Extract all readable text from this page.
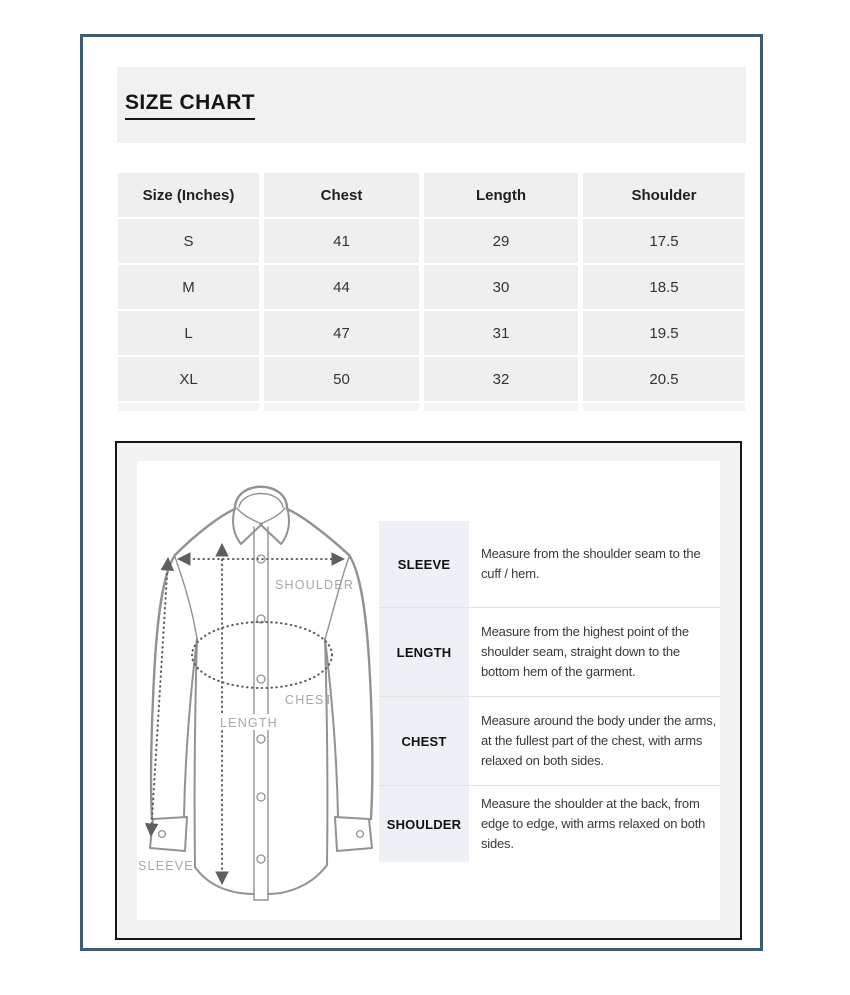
SIZE CHART
Size (Inches)	Chest	Length	Shoulder
S	41	29	17.5
M	44	30	18.5
L	47	31	19.5
XL	50	32	20.5
SHOULDER
CHEST
LENGTH
SLEEVE
SLEEVE
Measure from the shoulder seam to the cuff / hem.
LENGTH
Measure from the highest point of the shoulder seam, straight down to the bottom hem of the garment.
CHEST
Measure around the body under the arms, at the fullest part of the chest, with arms relaxed on both sides.
SHOULDER
Measure the shoulder at the back, from edge to edge, with arms relaxed on both sides.
